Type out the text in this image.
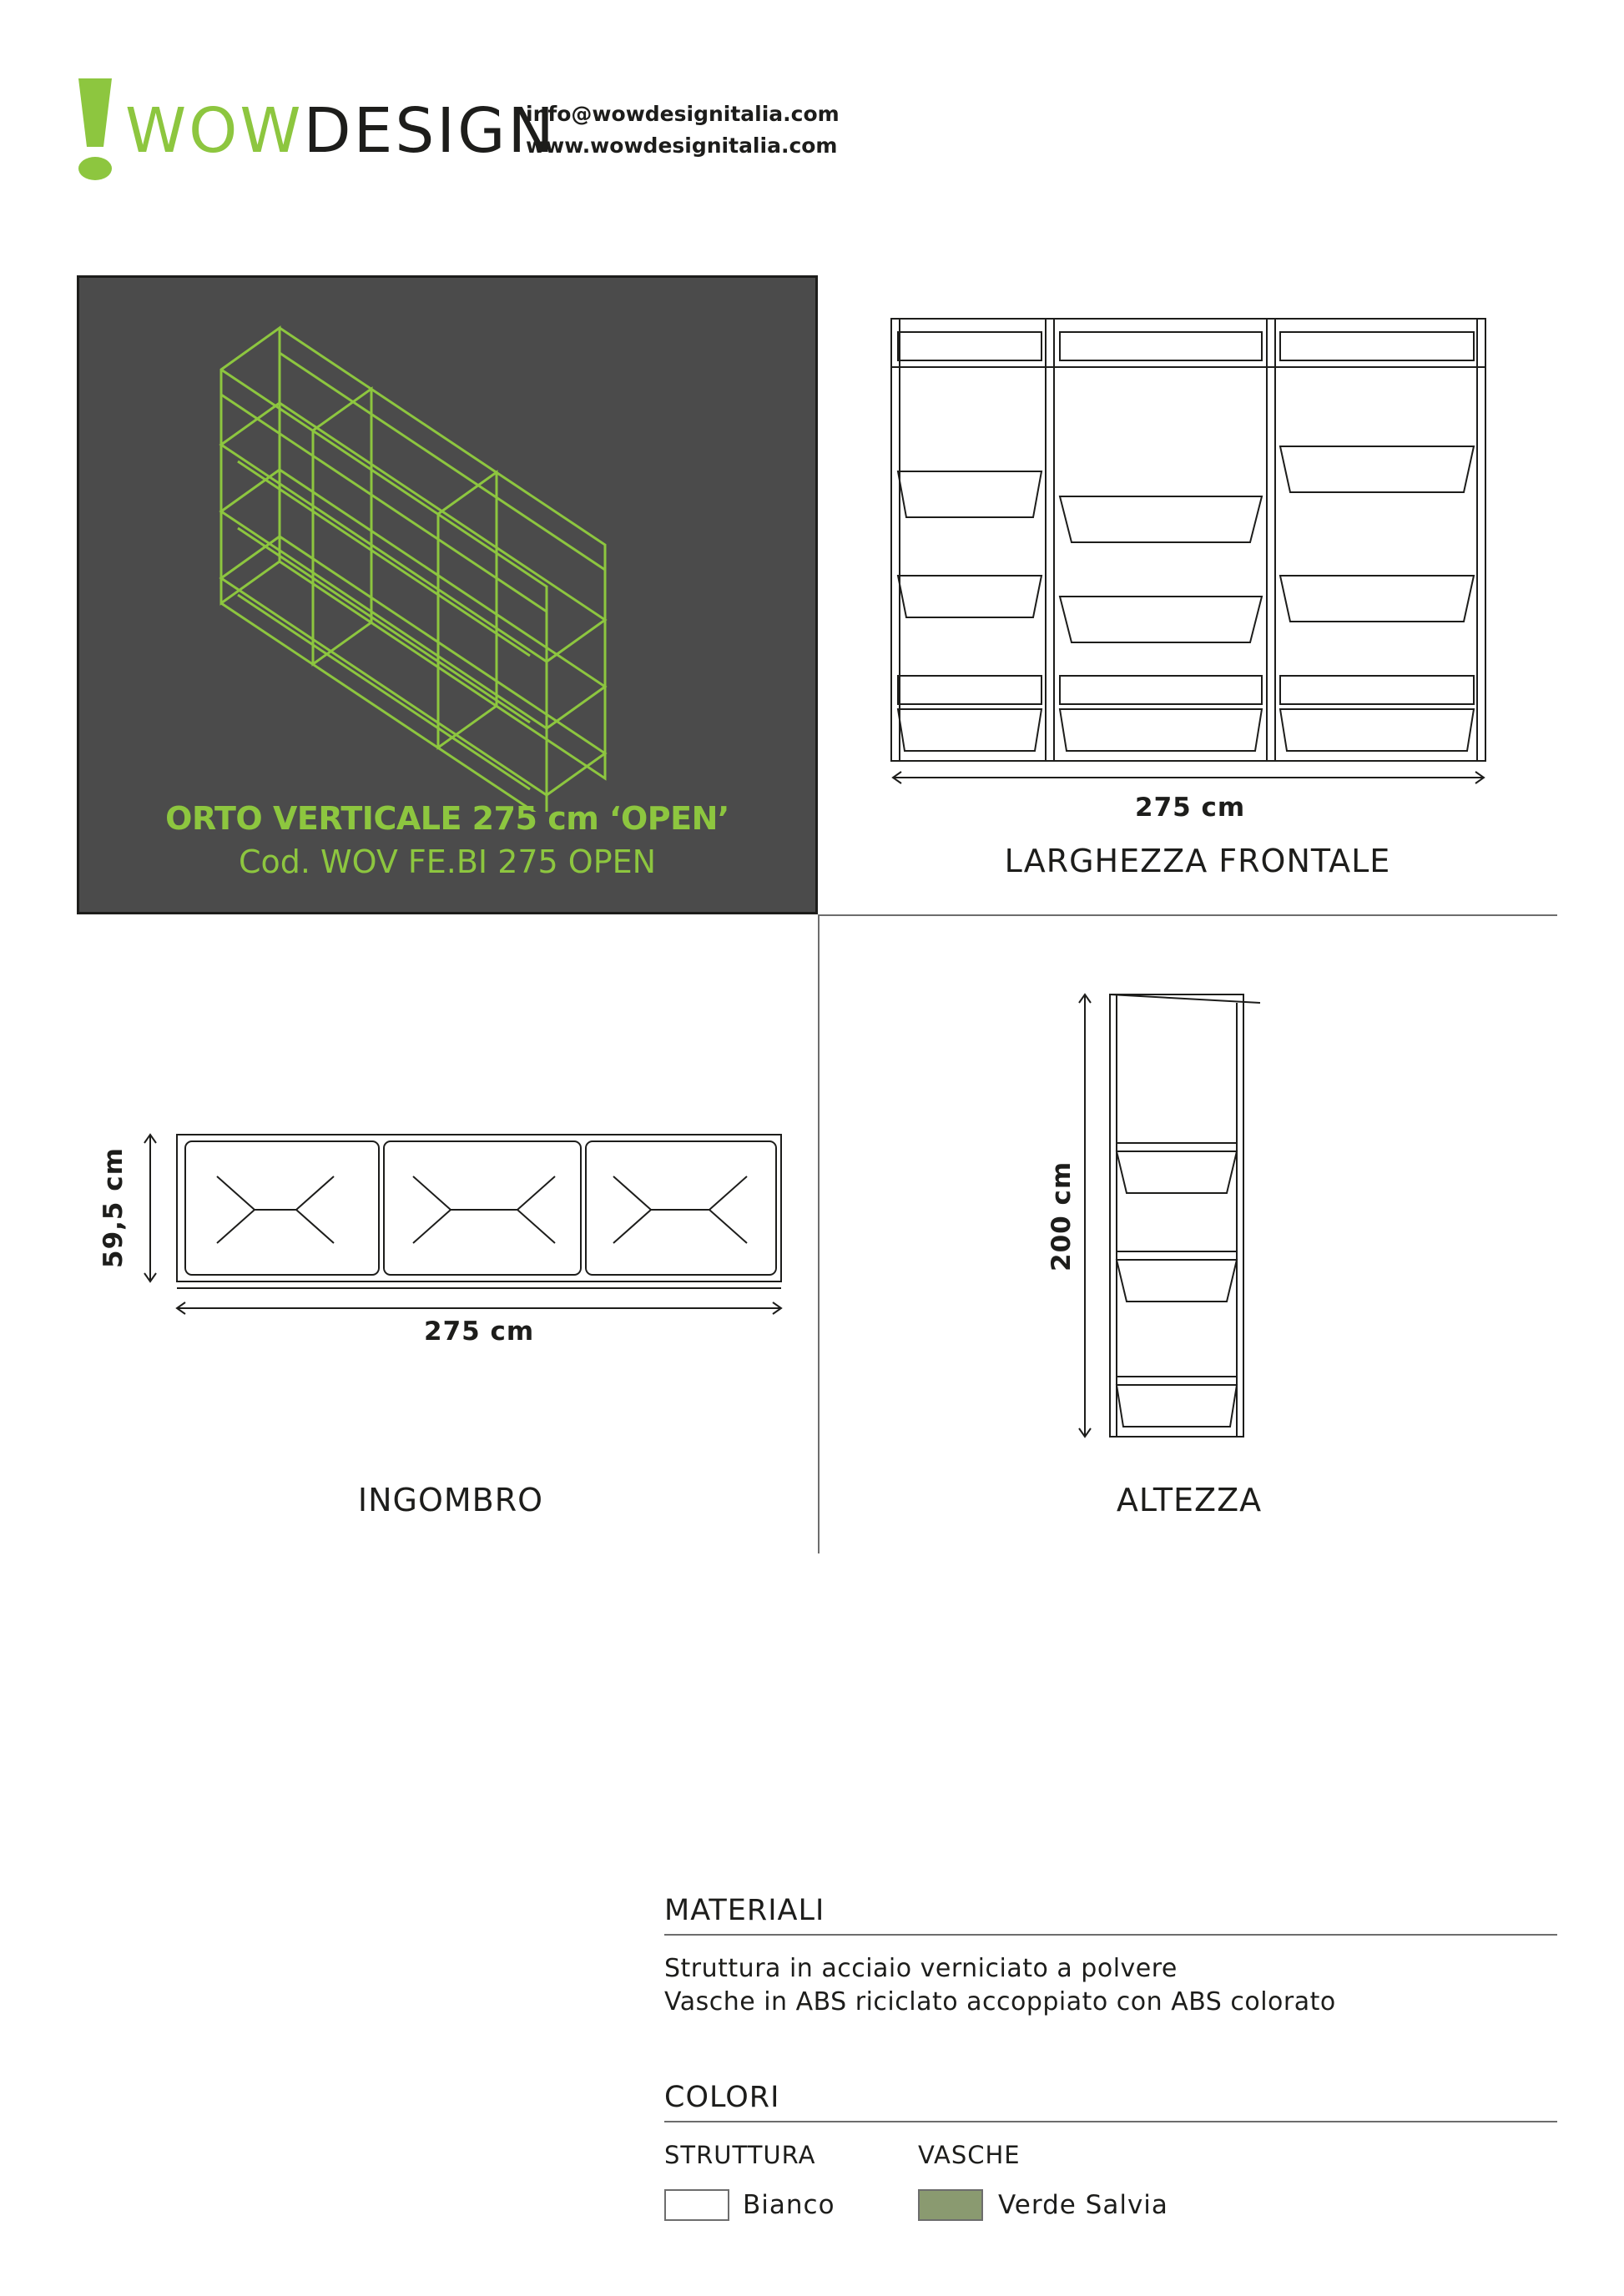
WOWDESIGN
info@wowdesignitalia.com
www.wowdesignitalia.com
ORTO VERTICALE 275 cm ‘OPEN’
Cod. WOV FE.BI 275 OPEN
275 cm
LARGHEZZA FRONTALE
275 cm
59,5 cm
INGOMBRO
200 cm
ALTEZZA
MATERIALI
Struttura in acciaio verniciato a polvere
Vasche in ABS riciclato accoppiato con ABS colorato
COLORI
STRUTTURA
Bianco
VASCHE
Verde Salvia
